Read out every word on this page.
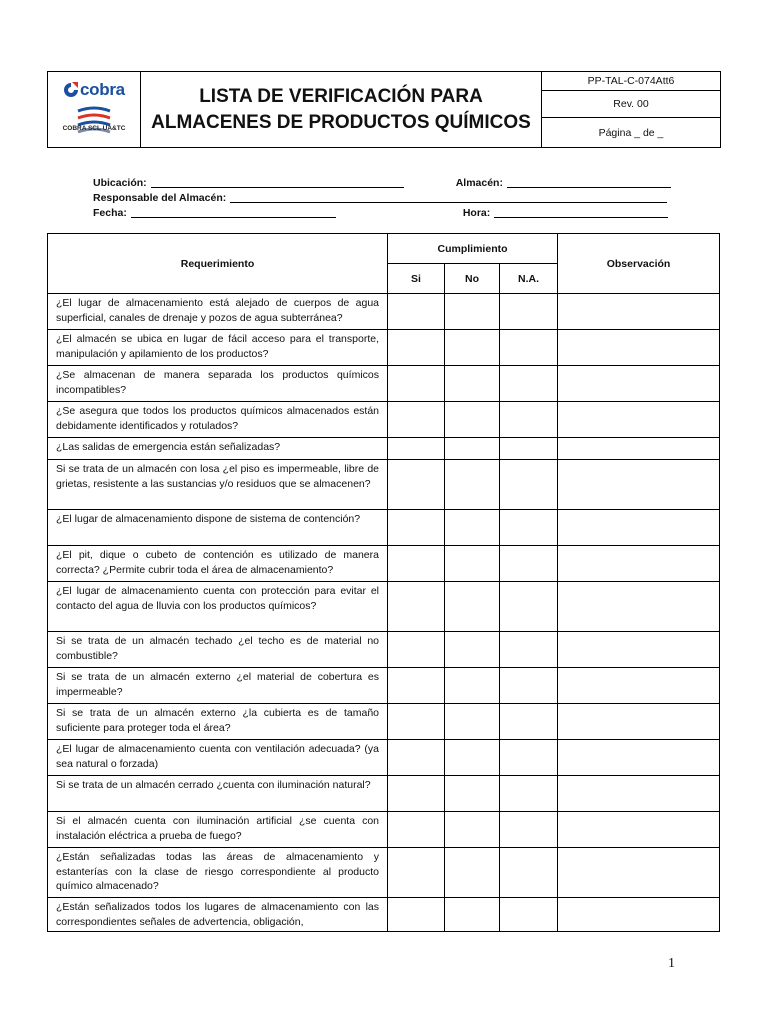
cobra
COBRA SCL UA&TC
LISTA DE VERIFICACIÓN PARA
ALMACENES DE PRODUCTOS QUÍMICOS
PP-TAL-C-074Att6
Rev. 00
Página _ de _
Ubicación:	Almacén:
Responsable del Almacén:
Fecha:	Hora:
Requerimiento	Cumplimiento			Observación
	Si	No	N.A.	
¿El lugar de almacenamiento está alejado de cuerpos de agua superficial, canales de drenaje y pozos de agua subterránea?				
¿El almacén se ubica en lugar de fácil acceso para el transporte, manipulación y apilamiento de los productos?				
¿Se almacenan de manera separada los productos químicos incompatibles?				
¿Se asegura que todos los productos químicos almacenados están debidamente identificados y rotulados?				
¿Las salidas de emergencia están señalizadas?				
Si se trata de un almacén con losa ¿el piso es impermeable, libre de grietas, resistente a las sustancias y/o residuos que se almacenen?				
¿El lugar de almacenamiento dispone de sistema de contención?				
¿El pit, dique o cubeto de contención es utilizado de manera correcta? ¿Permite cubrir toda el área de almacenamiento?				
¿El lugar de almacenamiento cuenta con protección para evitar el contacto del agua de lluvia con los productos químicos?				
Si se trata de un almacén techado ¿el techo es de material no combustible?				
Si se trata de un almacén externo ¿el material de cobertura es impermeable?				
Si se trata de un almacén externo ¿la cubierta es de tamaño suficiente para proteger toda el área?				
¿El lugar de almacenamiento cuenta con ventilación adecuada? (ya sea natural o forzada)				
Si se trata de un almacén cerrado ¿cuenta con iluminación natural?				
Si el almacén cuenta con iluminación artificial ¿se cuenta con instalación eléctrica a prueba de fuego?				
¿Están señalizadas todas las áreas de almacenamiento y estanterías con la clase de riesgo correspondiente al producto químico almacenado?				
¿Están señalizados todos los lugares de almacenamiento con las correspondientes señales de advertencia, obligación,				
1
